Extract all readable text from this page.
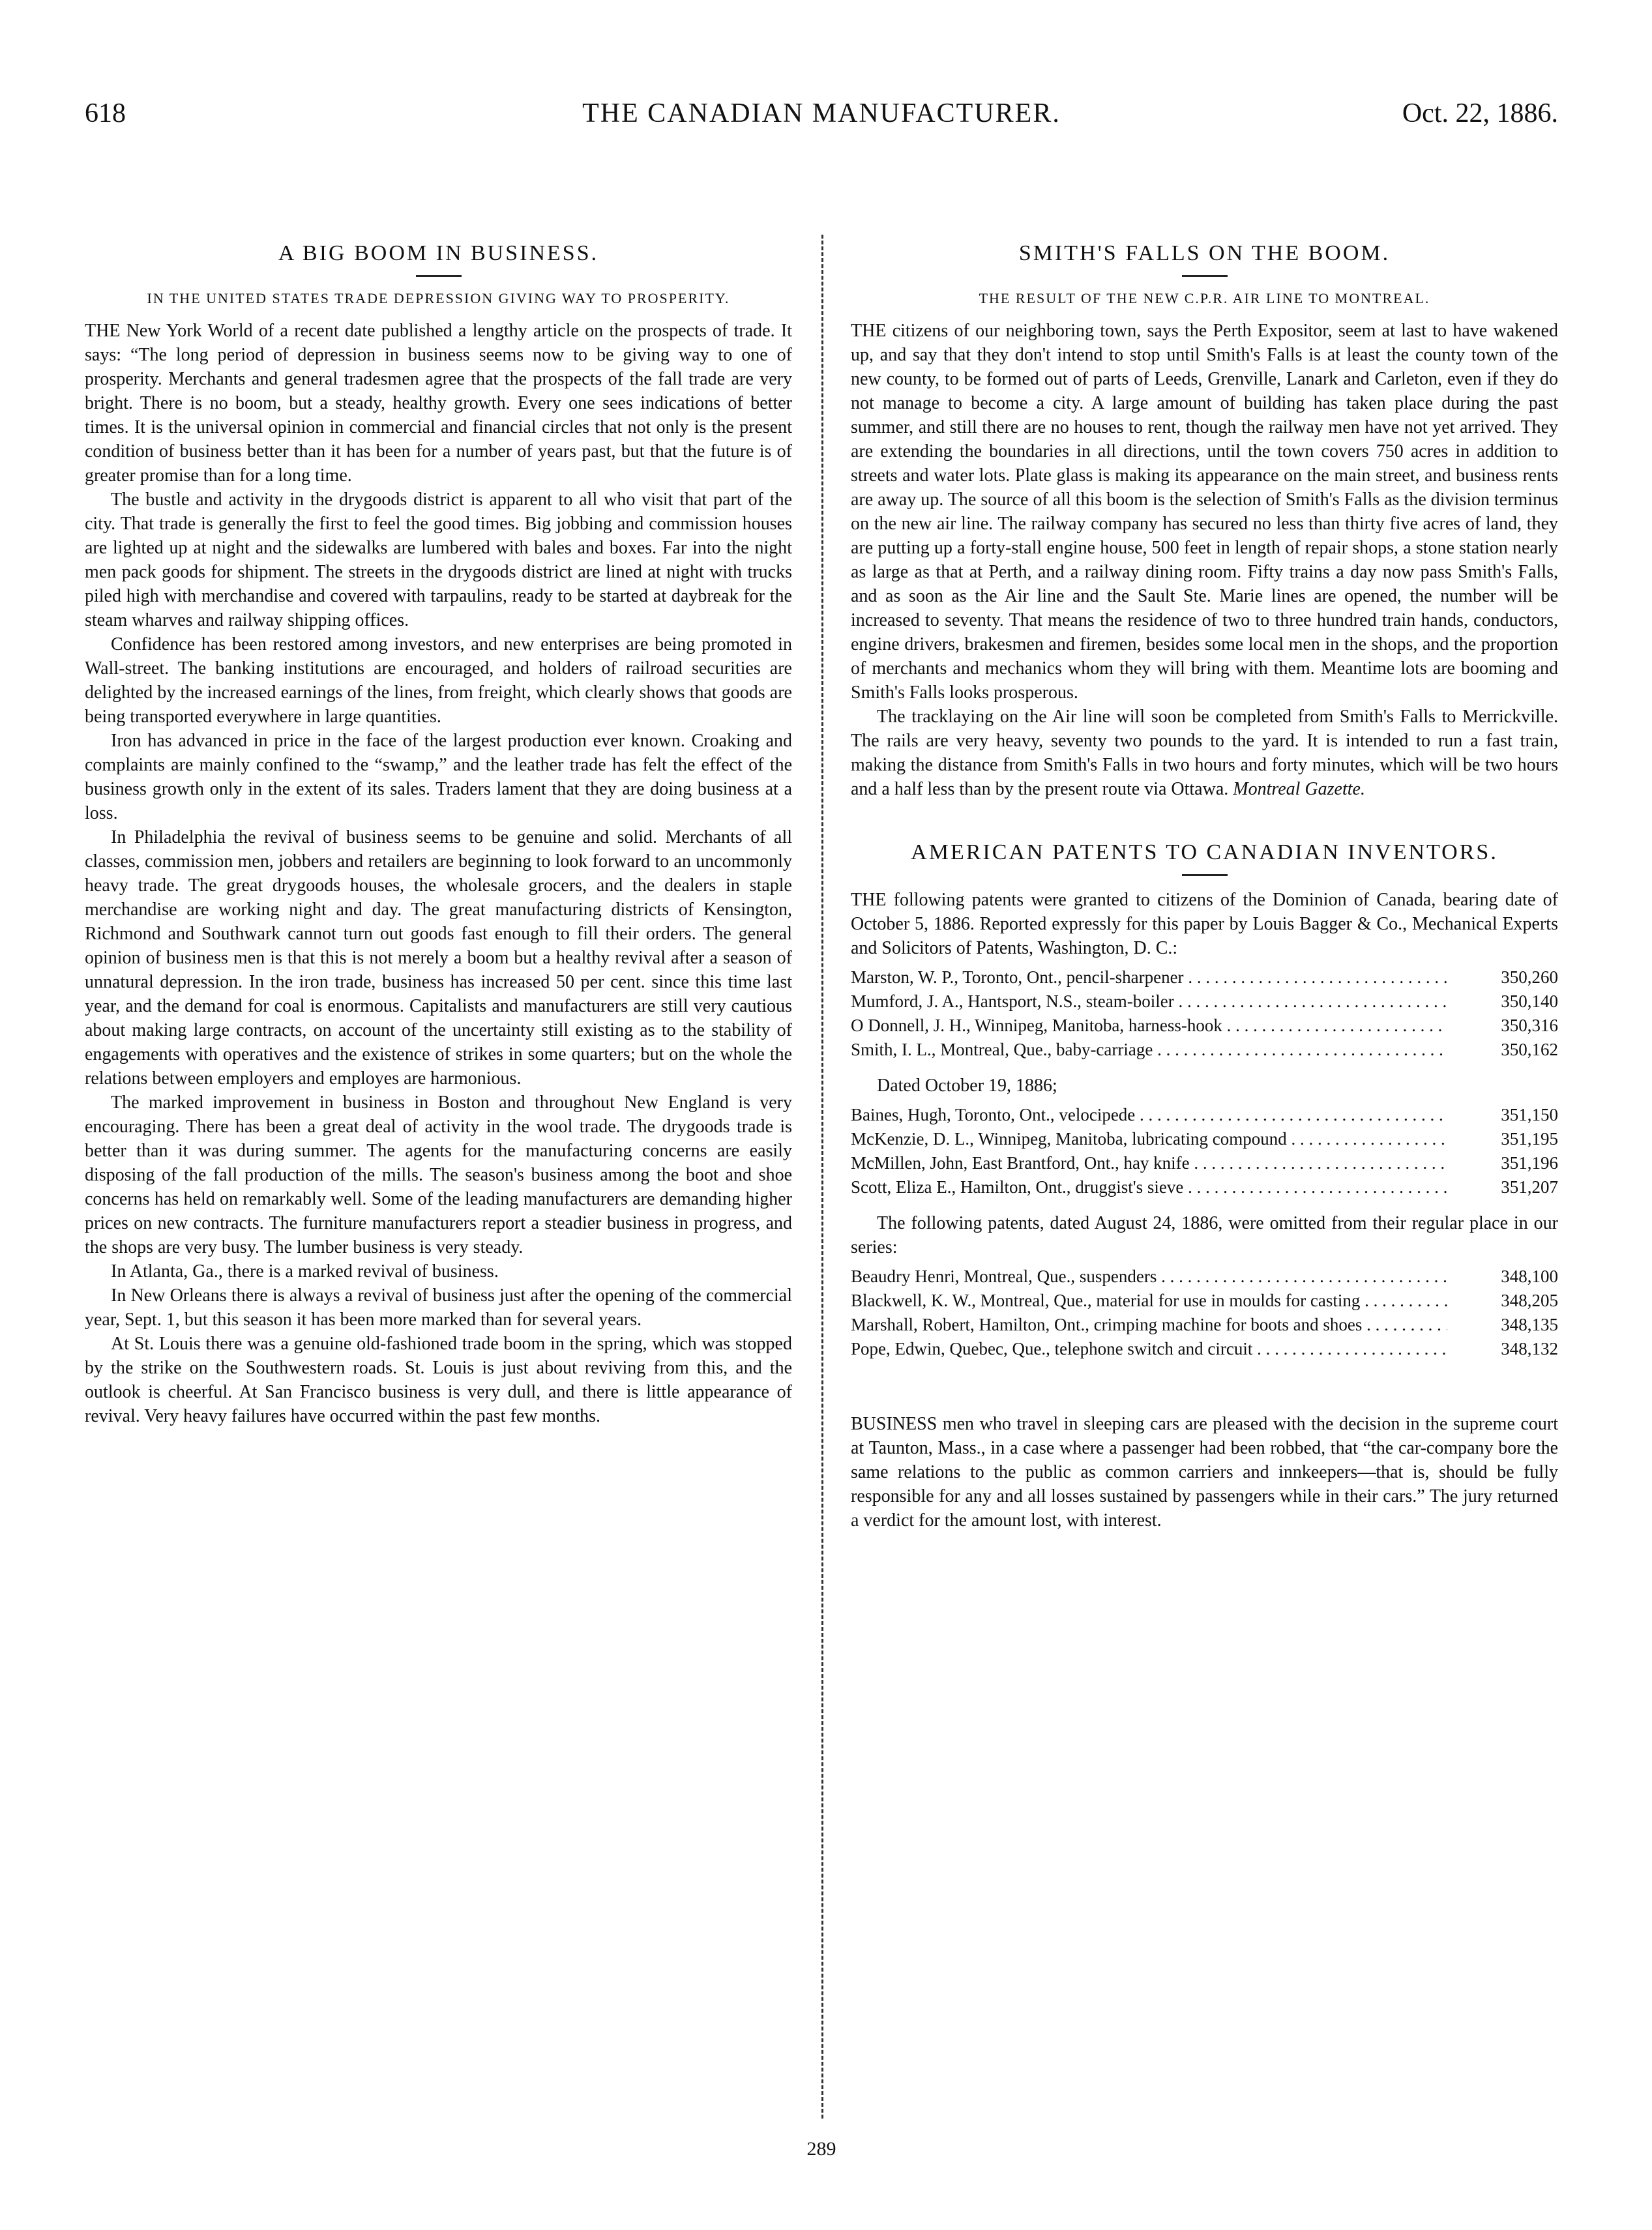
618	THE CANADIAN MANUFACTURER.	Oct. 22, 1886.
A BIG BOOM IN BUSINESS.
IN THE UNITED STATES TRADE DEPRESSION GIVING WAY TO PROSPERITY.

THE New York World of a recent date published a lengthy article on the prospects of trade. It says: “The long period of depression in business seems now to be giving way to one of prosperity. Merchants and general tradesmen agree that the prospects of the fall trade are very bright. There is no boom, but a steady, healthy growth. Every one sees indications of better times. It is the universal opinion in commercial and financial circles that not only is the present condition of business better than it has been for a number of years past, but that the future is of greater promise than for a long time.

The bustle and activity in the drygoods district is apparent to all who visit that part of the city. That trade is generally the first to feel the good times. Big jobbing and commission houses are lighted up at night and the sidewalks are lumbered with bales and boxes. Far into the night men pack goods for shipment. The streets in the drygoods district are lined at night with trucks piled high with merchandise and covered with tarpaulins, ready to be started at daybreak for the steam wharves and railway shipping offices.

Confidence has been restored among investors, and new enterprises are being promoted in Wall-street. The banking institutions are encouraged, and holders of railroad securities are delighted by the increased earnings of the lines, from freight, which clearly shows that goods are being transported everywhere in large quantities.

Iron has advanced in price in the face of the largest production ever known. Croaking and complaints are mainly confined to the “swamp,” and the leather trade has felt the effect of the business growth only in the extent of its sales. Traders lament that they are doing business at a loss.

In Philadelphia the revival of business seems to be genuine and solid. Merchants of all classes, commission men, jobbers and retailers are beginning to look forward to an uncommonly heavy trade. The great drygoods houses, the wholesale grocers, and the dealers in staple merchandise are working night and day. The great manufacturing districts of Kensington, Richmond and Southwark cannot turn out goods fast enough to fill their orders. The general opinion of business men is that this is not merely a boom but a healthy revival after a season of unnatural depression. In the iron trade, business has increased 50 per cent. since this time last year, and the demand for coal is enormous. Capitalists and manufacturers are still very cautious about making large contracts, on account of the uncertainty still existing as to the stability of engagements with operatives and the existence of strikes in some quarters; but on the whole the relations between employers and employes are harmonious.

The marked improvement in business in Boston and throughout New England is very encouraging. There has been a great deal of activity in the wool trade. The drygoods trade is better than it was during summer. The agents for the manufacturing concerns are easily disposing of the fall production of the mills. The season's business among the boot and shoe concerns has held on remarkably well. Some of the leading manufacturers are demanding higher prices on new contracts. The furniture manufacturers report a steadier business in progress, and the shops are very busy. The lumber business is very steady.

In Atlanta, Ga., there is a marked revival of business.

In New Orleans there is always a revival of business just after the opening of the commercial year, Sept. 1, but this season it has been more marked than for several years.

At St. Louis there was a genuine old-fashioned trade boom in the spring, which was stopped by the strike on the Southwestern roads. St. Louis is just about reviving from this, and the outlook is cheerful. At San Francisco business is very dull, and there is little appearance of revival. Very heavy failures have occurred within the past few months.

SMITH'S FALLS ON THE BOOM.
THE RESULT OF THE NEW C.P.R. AIR LINE TO MONTREAL.

THE citizens of our neighboring town, says the Perth Expositor, seem at last to have wakened up, and say that they don't intend to stop until Smith's Falls is at least the county town of the new county, to be formed out of parts of Leeds, Grenville, Lanark and Carleton, even if they do not manage to become a city. A large amount of building has taken place during the past summer, and still there are no houses to rent, though the railway men have not yet arrived. They are extending the boundaries in all directions, until the town covers 750 acres in addition to streets and water lots. Plate glass is making its appearance on the main street, and business rents are away up. The source of all this boom is the selection of Smith's Falls as the division terminus on the new air line. The railway company has secured no less than thirty five acres of land, they are putting up a forty-stall engine house, 500 feet in length of repair shops, a stone station nearly as large as that at Perth, and a railway dining room. Fifty trains a day now pass Smith's Falls, and as soon as the Air line and the Sault Ste. Marie lines are opened, the number will be increased to seventy. That means the residence of two to three hundred train hands, conductors, engine drivers, brakesmen and firemen, besides some local men in the shops, and the proportion of merchants and mechanics whom they will bring with them. Meantime lots are booming and Smith's Falls looks prosperous.

The tracklaying on the Air line will soon be completed from Smith's Falls to Merrickville. The rails are very heavy, seventy two pounds to the yard. It is intended to run a fast train, making the distance from Smith's Falls in two hours and forty minutes, which will be two hours and a half less than by the present route via Ottawa. Montreal Gazette.

AMERICAN PATENTS TO CANADIAN INVENTORS.

THE following patents were granted to citizens of the Dominion of Canada, bearing date of October 5, 1886. Reported expressly for this paper by Louis Bagger & Co., Mechanical Experts and Solicitors of Patents, Washington, D. C.:

Marston, W. P., Toronto, Ont., pencil-sharpener . . .	350,260
Mumford, J. A., Hantsport, N.S., steam-boiler . . .	350,140
O Donnell, J. H., Winnipeg, Manitoba, harness-hook . . .	350,316
Smith, I. L., Montreal, Que., baby-carriage . . .	350,162
Dated October 19, 1886;
Baines, Hugh, Toronto, Ont., velocipede . . .	351,150
McKenzie, D. L., Winnipeg, Manitoba, lubricating compound . . .	351,195
McMillen, John, East Brantford, Ont., hay knife . . .	351,196
Scott, Eliza E., Hamilton, Ont., druggist's sieve . . .	351,207

The following patents, dated August 24, 1886, were omitted from their regular place in our series:

Beaudry Henri, Montreal, Que., suspenders . . .	348,100
Blackwell, K. W., Montreal, Que., material for use in moulds for casting . . .	348,205
Marshall, Robert, Hamilton, Ont., crimping machine for boots and shoes . . .	348,135
Pope, Edwin, Quebec, Que., telephone switch and circuit . . .	348,132

BUSINESS men who travel in sleeping cars are pleased with the decision in the supreme court at Taunton, Mass., in a case where a passenger had been robbed, that “the car-company bore the same relations to the public as common carriers and innkeepers—that is, should be fully responsible for any and all losses sustained by passengers while in their cars.” The jury returned a verdict for the amount lost, with interest.

289
